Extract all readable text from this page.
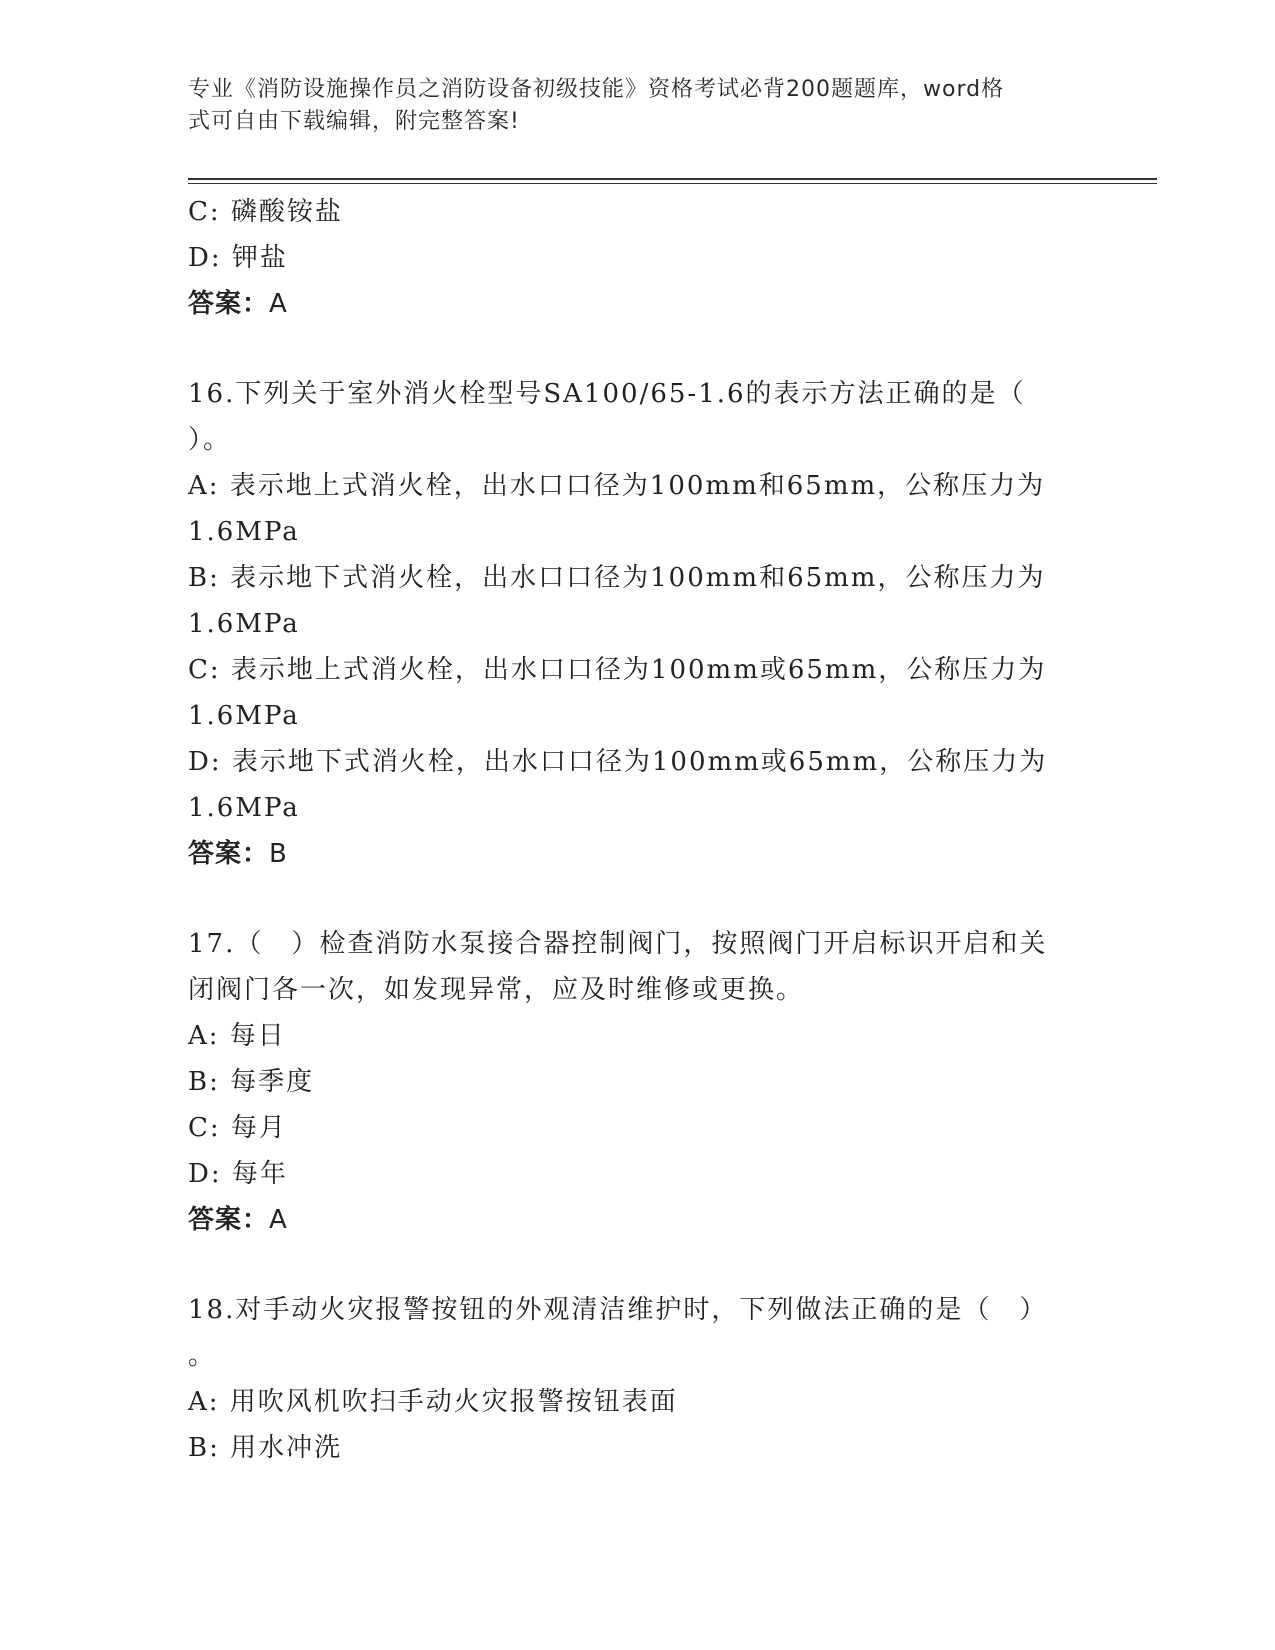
专业《消防设施操作员之消防设备初级技能》资格考试必背200题题库，word格
式可自由下载编辑，附完整答案!
C: 磷酸铵盐
D: 钾盐
答案：A
16.下列关于室外消火栓型号SA100/65-1.6的表示方法正确的是（
）。
A: 表示地上式消火栓，出水口口径为100mm和65mm，公称压力为
1.6MPa
B: 表示地下式消火栓，出水口口径为100mm和65mm，公称压力为
1.6MPa
C: 表示地上式消火栓，出水口口径为100mm或65mm，公称压力为
1.6MPa
D: 表示地下式消火栓，出水口口径为100mm或65mm，公称压力为
1.6MPa
答案：B
17.（　）检查消防水泵接合器控制阀门，按照阀门开启标识开启和关
闭阀门各一次，如发现异常，应及时维修或更换。
A: 每日
B: 每季度
C: 每月
D: 每年
答案：A
18.对手动火灾报警按钮的外观清洁维护时，下列做法正确的是（　）
。
A: 用吹风机吹扫手动火灾报警按钮表面
B: 用水冲洗
